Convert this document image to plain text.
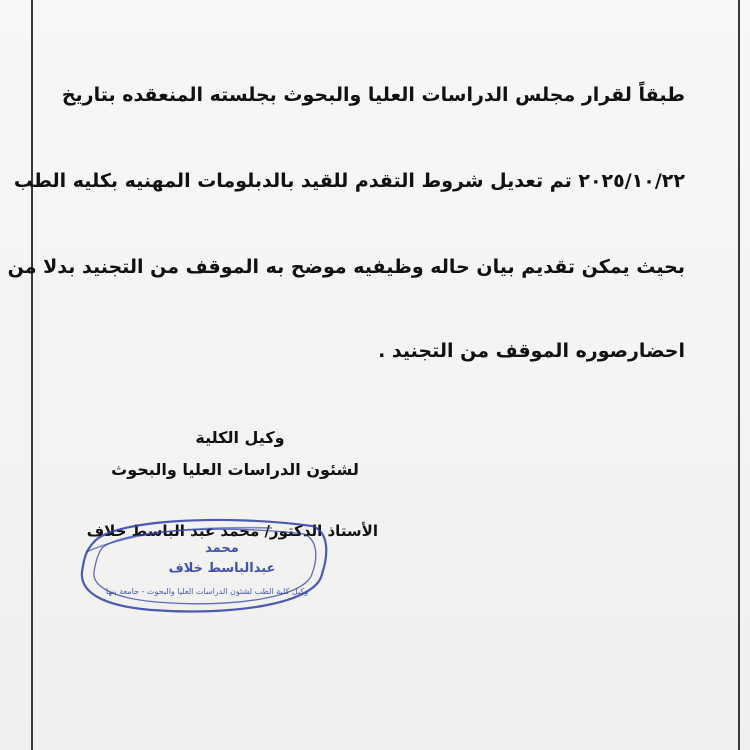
طبقاً لقرار مجلس الدراسات العليا والبحوث بجلسته المنعقده بتاريخ
٢٠٢٥/١٠/٢٢ تم تعديل شروط التقدم للقيد بالدبلومات المهنيه بكليه الطب
بحيث يمكن تقديم بيان حاله وظيفيه موضح به الموقف من التجنيد بدلا من
احضارصوره الموقف من التجنيد .
وكيل الكلية
لشئون الدراسات العليا والبحوث
الأستاذ الدكتور/ محمد عبد الباسط خلاف
محمد
عبدالباسط خلاف
وكيل كلية الطب لشئون الدراسات العليا والبحوث - جامعة بنها
